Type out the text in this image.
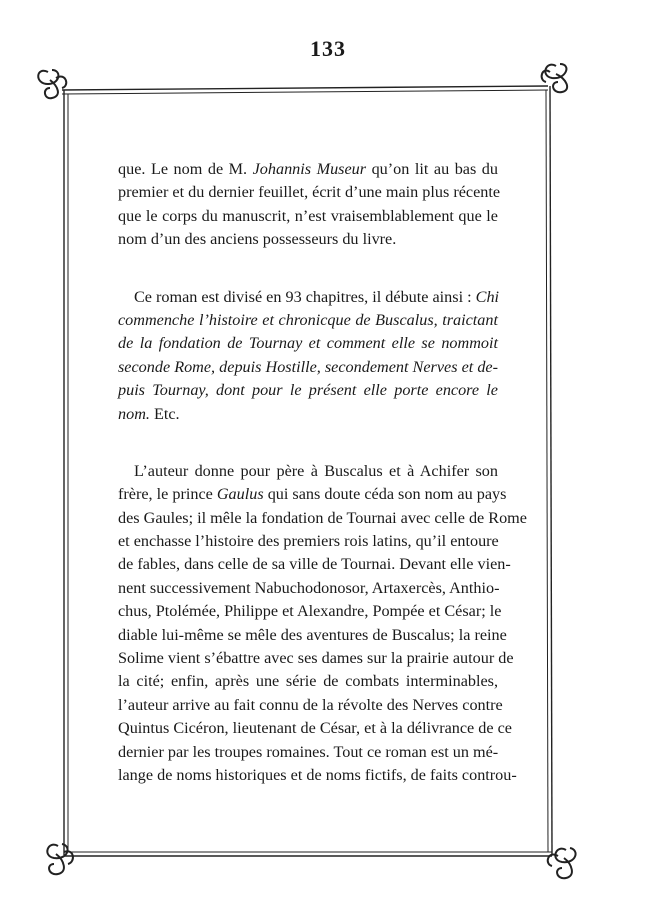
133
que. Le nom de M. Johannis Museur qu’on lit au bas du
premier et du dernier feuillet, écrit d’une main plus récente
que le corps du manuscrit, n’est vraisemblablement que le
nom d’un des anciens possesseurs du livre.
Ce roman est divisé en 93 chapitres, il débute ainsi : Chi
commenche l’histoire et chronicque de Buscalus, traictant
de la fondation de Tournay et comment elle se nommoit
seconde Rome, depuis Hostille, secondement Nerves et de-
puis Tournay, dont pour le présent elle porte encore le
nom. Etc.
L’auteur donne pour père à Buscalus et à Achifer son
frère, le prince Gaulus qui sans doute céda son nom au pays
des Gaules; il mêle la fondation de Tournai avec celle de Rome
et enchasse l’histoire des premiers rois latins, qu’il entoure
de fables, dans celle de sa ville de Tournai. Devant elle vien-
nent successivement Nabuchodonosor, Artaxercès, Anthio-
chus, Ptolémée, Philippe et Alexandre, Pompée et César; le
diable lui-même se mêle des aventures de Buscalus; la reine
Solime vient s’ébattre avec ses dames sur la prairie autour de
la cité; enfin, après une série de combats interminables,
l’auteur arrive au fait connu de la révolte des Nerves contre
Quintus Cicéron, lieutenant de César, et à la délivrance de ce
dernier par les troupes romaines. Tout ce roman est un mé-
lange de noms historiques et de noms fictifs, de faits controu-
